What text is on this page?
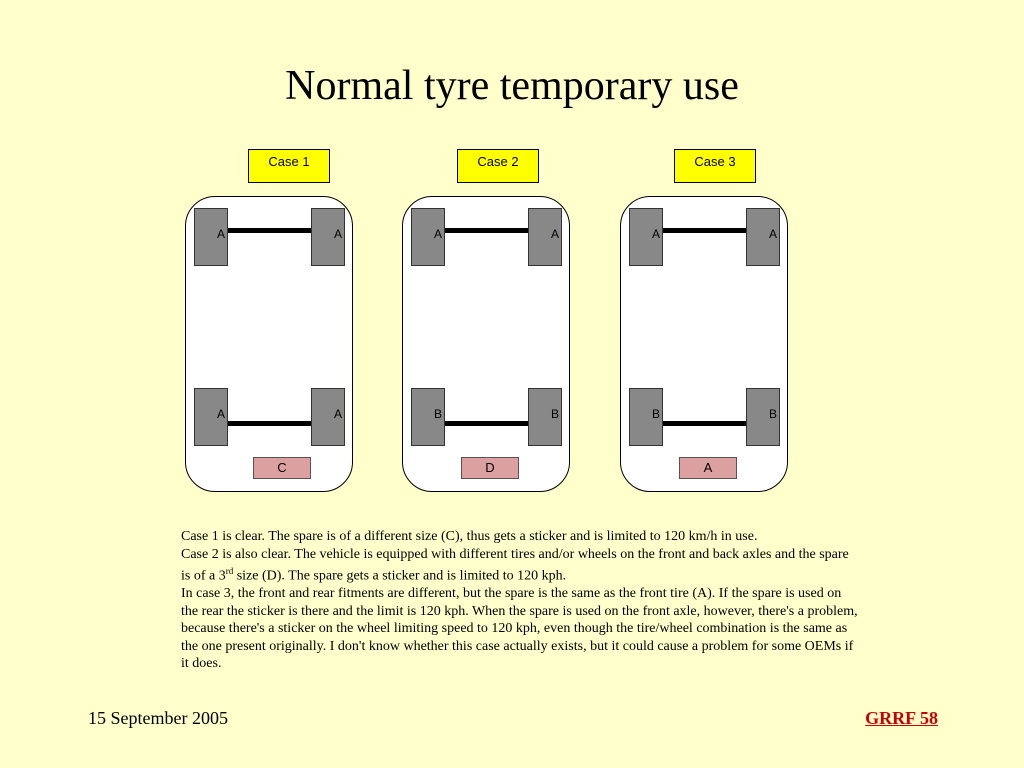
Normal tyre temporary use
Case 1
A	A
A	A
C
Case 2
A	A
B	B
D
Case 3
A	A
B	B
A

Case 1 is clear. The spare is of a different size (C), thus gets a sticker and is limited to 120 km/h in use.

Case 2 is also clear. The vehicle is equipped with different tires and/or wheels on the front and back axles and the spare is of a 3rd size (D). The spare gets a sticker and is limited to 120 kph.

In case 3, the front and rear fitments are different, but the spare is the same as the front tire (A). If the spare is used on the rear the sticker is there and the limit is 120 kph. When the spare is used on the front axle, however, there's a problem, because there's a sticker on the wheel limiting speed to 120 kph, even though the tire/wheel combination is the same as the one present originally. I don't know whether this case actually exists, but it could cause a problem for some OEMs if it does.

15 September 2005	GRRF 58
